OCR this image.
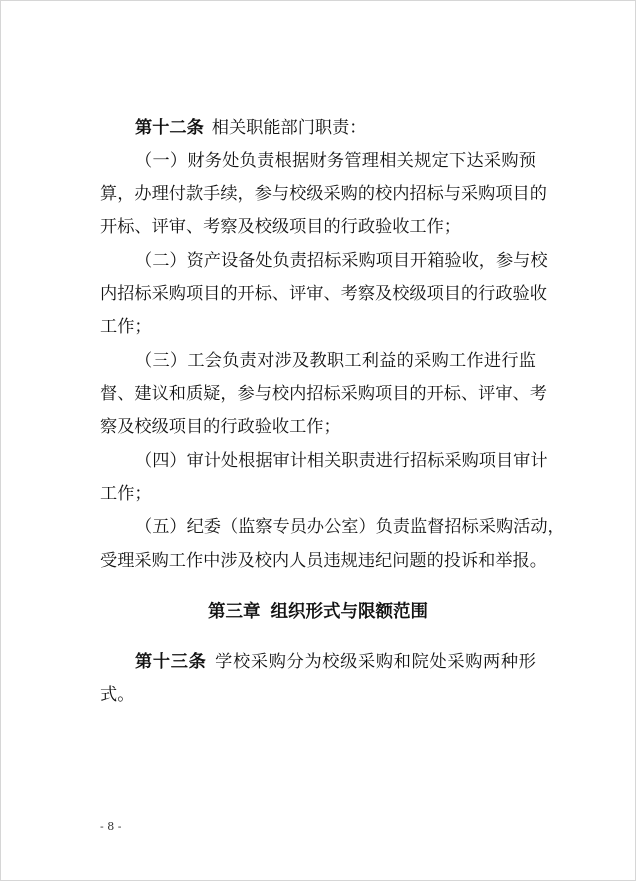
第十二条 相关职能部门职责：
（一）财务处负责根据财务管理相关规定下达采购预
算，办理付款手续，参与校级采购的校内招标与采购项目的
开标、评审、考察及校级项目的行政验收工作；
（二）资产设备处负责招标采购项目开箱验收，参与校
内招标采购项目的开标、评审、考察及校级项目的行政验收
工作；
（三）工会负责对涉及教职工利益的采购工作进行监
督、建议和质疑，参与校内招标采购项目的开标、评审、考
察及校级项目的行政验收工作；
（四）审计处根据审计相关职责进行招标采购项目审计
工作；
（五）纪委（监察专员办公室）负责监督招标采购活动，
受理采购工作中涉及校内人员违规违纪问题的投诉和举报。
第三章 组织形式与限额范围
第十三条 学校采购分为校级采购和院处采购两种形
式。
- 8 -
